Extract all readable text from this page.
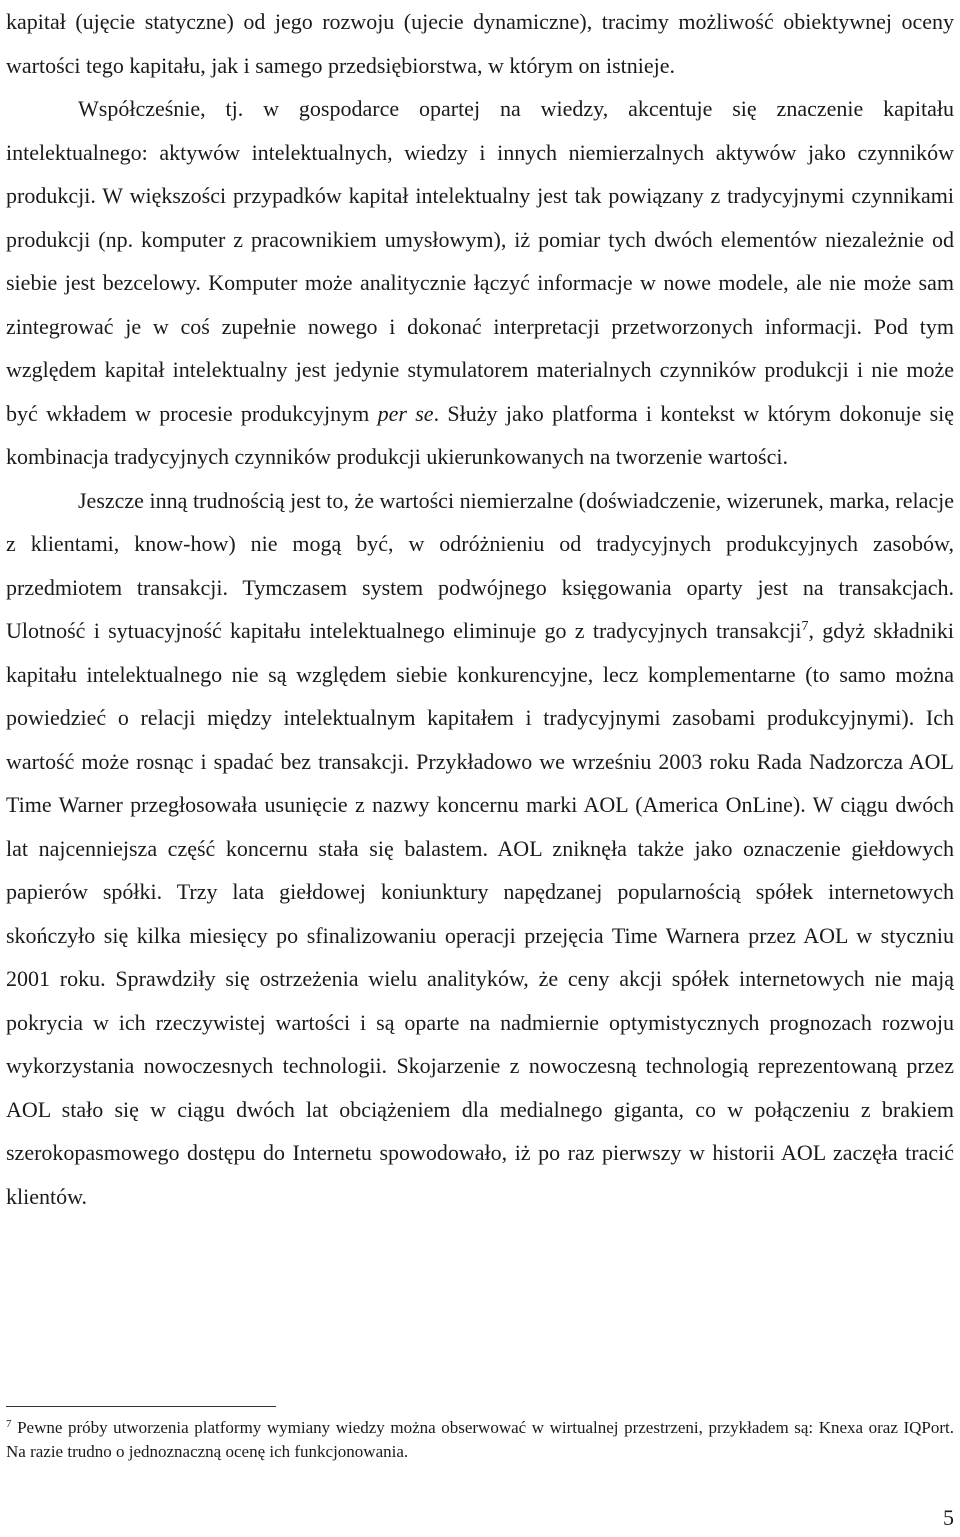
kapitał (ujęcie statyczne) od jego rozwoju (ujecie dynamiczne), tracimy możliwość obiektywnej oceny wartości tego kapitału, jak i samego przedsiębiorstwa, w którym on istnieje.

Współcześnie, tj. w gospodarce opartej na wiedzy, akcentuje się znaczenie kapitału intelektualnego: aktywów intelektualnych, wiedzy i innych niemierzalnych aktywów jako czynników produkcji. W większości przypadków kapitał intelektualny jest tak powiązany z tradycyjnymi czynnikami produkcji (np. komputer z pracownikiem umysłowym), iż pomiar tych dwóch elementów niezależnie od siebie jest bezcelowy. Komputer może analitycznie łączyć informacje w nowe modele, ale nie może sam zintegrować je w coś zupełnie nowego i dokonać interpretacji przetworzonych informacji. Pod tym względem kapitał intelektualny jest jedynie stymulatorem materialnych czynników produkcji i nie może być wkładem w procesie produkcyjnym per se. Służy jako platforma i kontekst w którym dokonuje się kombinacja tradycyjnych czynników produkcji ukierunkowanych na tworzenie wartości.

Jeszcze inną trudnością jest to, że wartości niemierzalne (doświadczenie, wizerunek, marka, relacje z klientami, know-how) nie mogą być, w odróżnieniu od tradycyjnych produkcyjnych zasobów, przedmiotem transakcji. Tymczasem system podwójnego księgowania oparty jest na transakcjach. Ulotność i sytuacyjność kapitału intelektualnego eliminuje go z tradycyjnych transakcji$^7$, gdyż składniki kapitału intelektualnego nie są względem siebie konkurencyjne, lecz komplementarne (to samo można powiedzieć o relacji między intelektualnym kapitałem i tradycyjnymi zasobami produkcyjnymi). Ich wartość może rosnąc i spadać bez transakcji. Przykładowo we wrześniu 2003 roku Rada Nadzorcza AOL Time Warner przegłosowała usunięcie z nazwy koncernu marki AOL (America OnLine). W ciągu dwóch lat najcenniejsza część koncernu stała się balastem. AOL zniknęła także jako oznaczenie giełdowych papierów spółki. Trzy lata giełdowej koniunktury napędzanej popularnością spółek internetowych skończyło się kilka miesięcy po sfinalizowaniu operacji przejęcia Time Warnera przez AOL w styczniu 2001 roku. Sprawdziły się ostrzeżenia wielu analityków, że ceny akcji spółek internetowych nie mają pokrycia w ich rzeczywistej wartości i są oparte na nadmiernie optymistycznych prognozach rozwoju wykorzystania nowoczesnych technologii. Skojarzenie z nowoczesną technologią reprezentowaną przez AOL stało się w ciągu dwóch lat obciążeniem dla medialnego giganta, co w połączeniu z brakiem szerokopasmowego dostępu do Internetu spowodowało, iż po raz pierwszy w historii AOL zaczęła tracić klientów.

$^7$ Pewne próby utworzenia platformy wymiany wiedzy można obserwować w wirtualnej przestrzeni, przykładem są: Knexa oraz IQPort. Na razie trudno o jednoznaczną ocenę ich funkcjonowania.
5
